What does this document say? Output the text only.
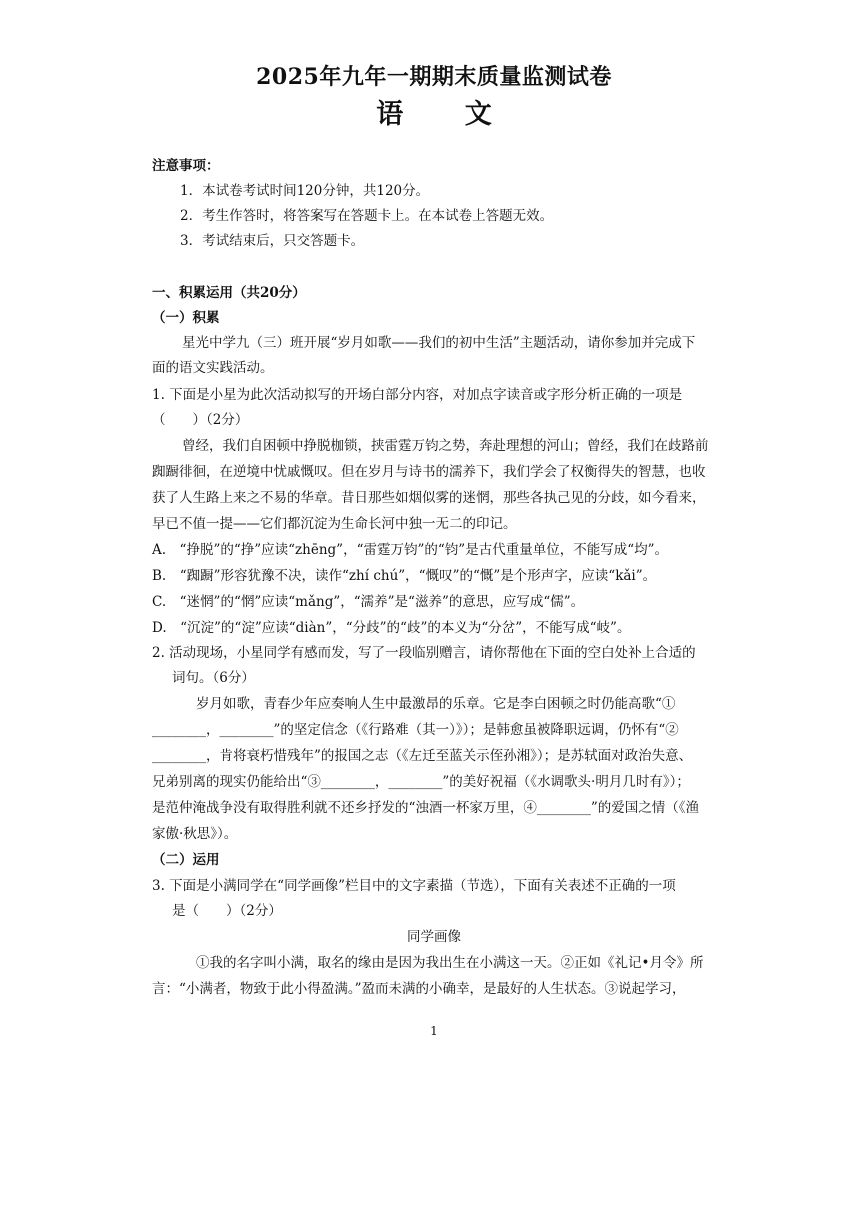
2025年九年一期期末质量监测试卷
语 文
注意事项：
1．本试卷考试时间120分钟，共120分。
2．考生作答时，将答案写在答题卡上。在本试卷上答题无效。
3．考试结束后，只交答题卡。
一、积累运用（共20分）
（一）积累
星光中学九（三）班开展“岁月如歌——我们的初中生活”主题活动，请你参加并完成下
面的语文实践活动。
1. 下面是小星为此次活动拟写的开场白部分内容，对加点字读音或字形分析正确的一项是
（　　）（2分）
曾经，我们自困顿中挣脱枷锁，挟雷霆万钧之势，奔赴理想的河山；曾经，我们在歧路前
踟蹰徘徊，在逆境中忧戚慨叹。但在岁月与诗书的濡养下，我们学会了权衡得失的智慧，也收
获了人生路上来之不易的华章。昔日那些如烟似雾的迷惘，那些各执己见的分歧，如今看来，
早已不值一提——它们都沉淀为生命长河中独一无二的印记。
A.　“挣脱”的“挣”应读“zhēng”，“雷霆万钧”的“钧”是古代重量单位，不能写成“均”。
B.　“踟蹰”形容犹豫不决，读作“zhí chú”，“慨叹”的“慨”是个形声字，应读“kǎi”。
C.　“迷惘”的“惘”应读“mǎng”，“濡养”是“滋养”的意思，应写成“儒”。
D.　“沉淀”的“淀”应读“diàn”，“分歧”的“歧”的本义为“分岔”，不能写成“岐”。
2. 活动现场，小星同学有感而发，写了一段临别赠言，请你帮他在下面的空白处补上合适的
词句。（6分）
岁月如歌，青春少年应奏响人生中最激昂的乐章。它是李白困顿之时仍能高歌“①
________，________”的坚定信念（《行路难（其一）》）；是韩愈虽被降职远调，仍怀有“②
________，肯将衰朽惜残年”的报国之志（《左迁至蓝关示侄孙湘》）；是苏轼面对政治失意、
兄弟别离的现实仍能给出“③________，________”的美好祝福（《水调歌头·明月几时有》）；
是范仲淹战争没有取得胜利就不还乡抒发的“浊酒一杯家万里，④________”的爱国之情（《渔
家傲·秋思》）。
（二）运用
3. 下面是小满同学在“同学画像”栏目中的文字素描（节选），下面有关表述不正确的一项
是（　　）（2分）
同学画像
①我的名字叫小满，取名的缘由是因为我出生在小满这一天。②正如《礼记•月令》所
言：“小满者，物致于此小得盈满。”盈而未满的小确幸，是最好的人生状态。③说起学习，
1
